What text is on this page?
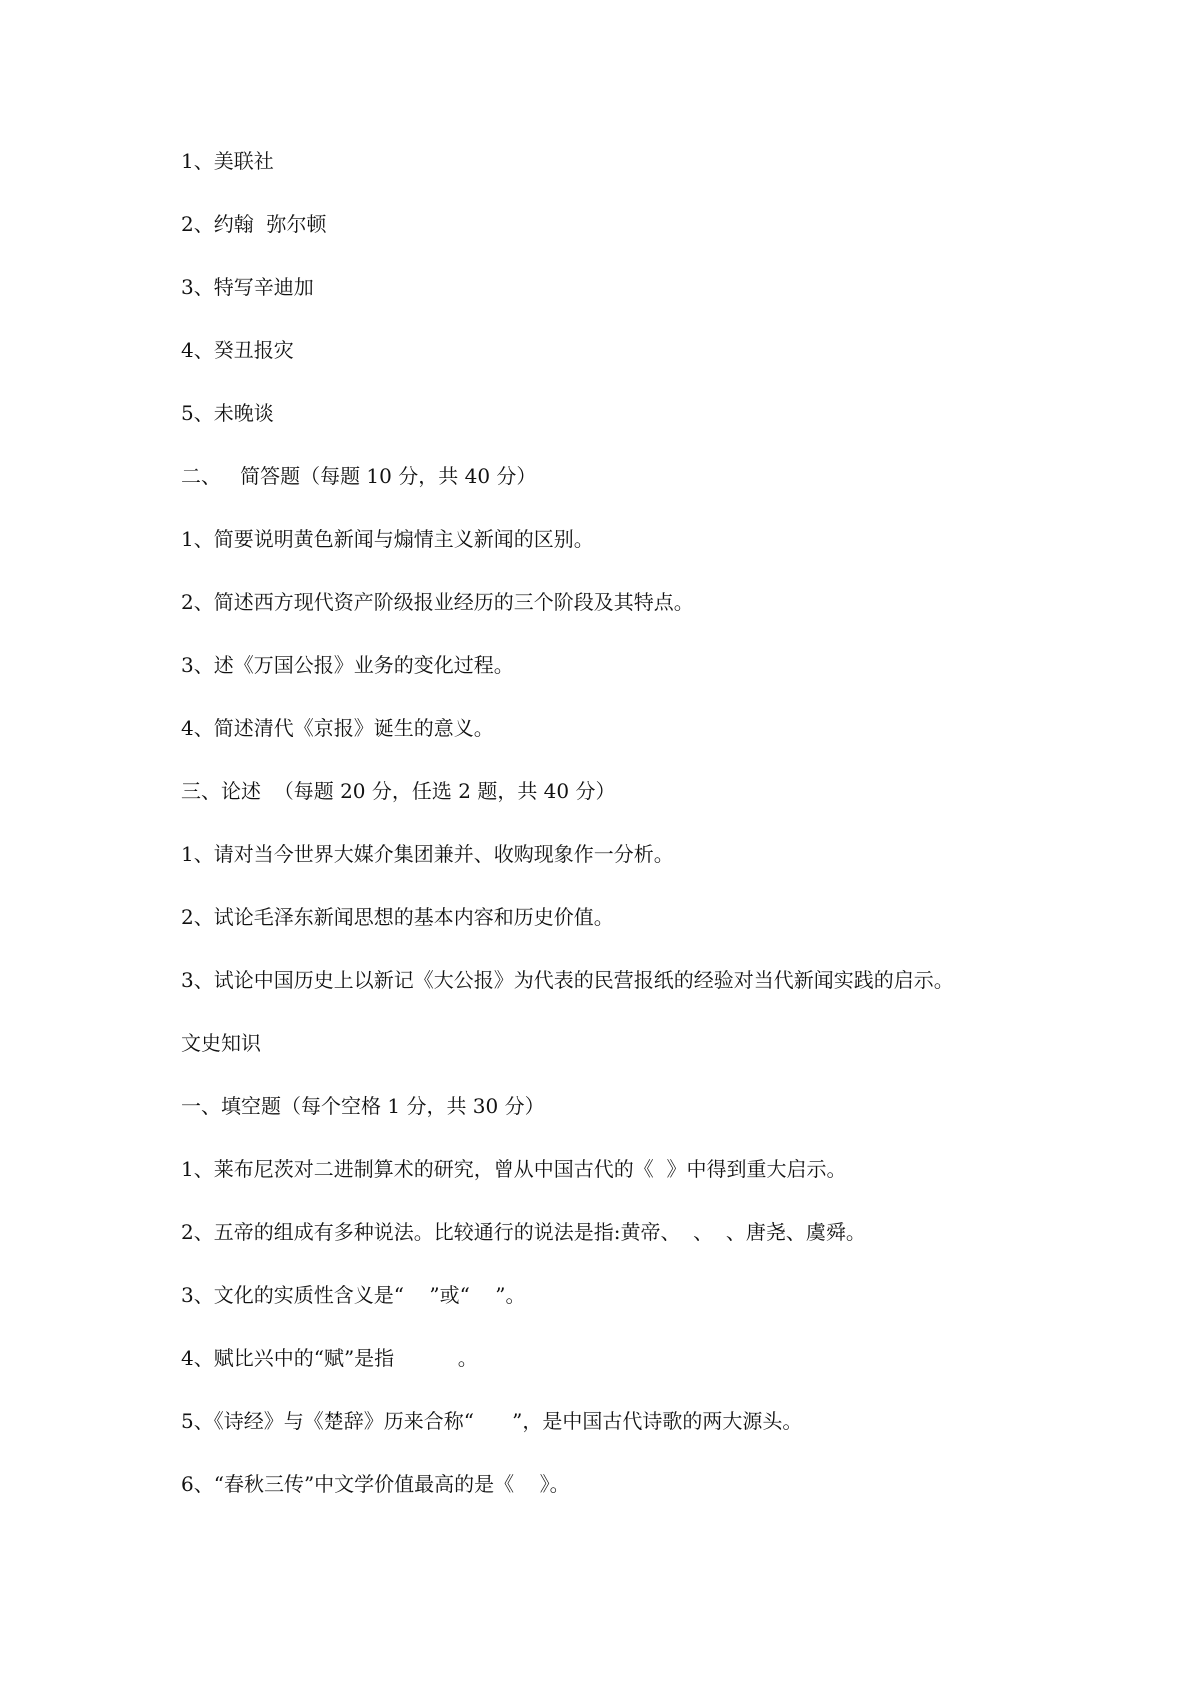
1、美联社

2、约翰  弥尔顿

3、特写辛迪加

4、癸丑报灾

5、未晚谈

二、   简答题（每题 10 分，共 40 分）

1、简要说明黄色新闻与煽情主义新闻的区别。

2、简述西方现代资产阶级报业经历的三个阶段及其特点。

3、述《万国公报》业务的变化过程。

4、简述清代《京报》诞生的意义。

三、论述  （每题 20 分，任选 2 题，共 40 分）

1、请对当今世界大媒介集团兼并、收购现象作一分析。

2、试论毛泽东新闻思想的基本内容和历史价值。

3、试论中国历史上以新记《大公报》为代表的民营报纸的经验对当代新闻实践的启示。

文史知识

一、填空题（每个空格 1 分，共 30 分）

1、莱布尼茨对二进制算术的研究，曾从中国古代的《  》中得到重大启示。

2、五帝的组成有多种说法。比较通行的说法是指:黄帝、  、  、唐尧、虞舜。

3、文化的实质性含义是“    ”或“    ”。

4、赋比兴中的“赋”是指          。

5、《诗经》与《楚辞》历来合称“      ”，是中国古代诗歌的两大源头。

6、“春秋三传”中文学价值最高的是《    》。
